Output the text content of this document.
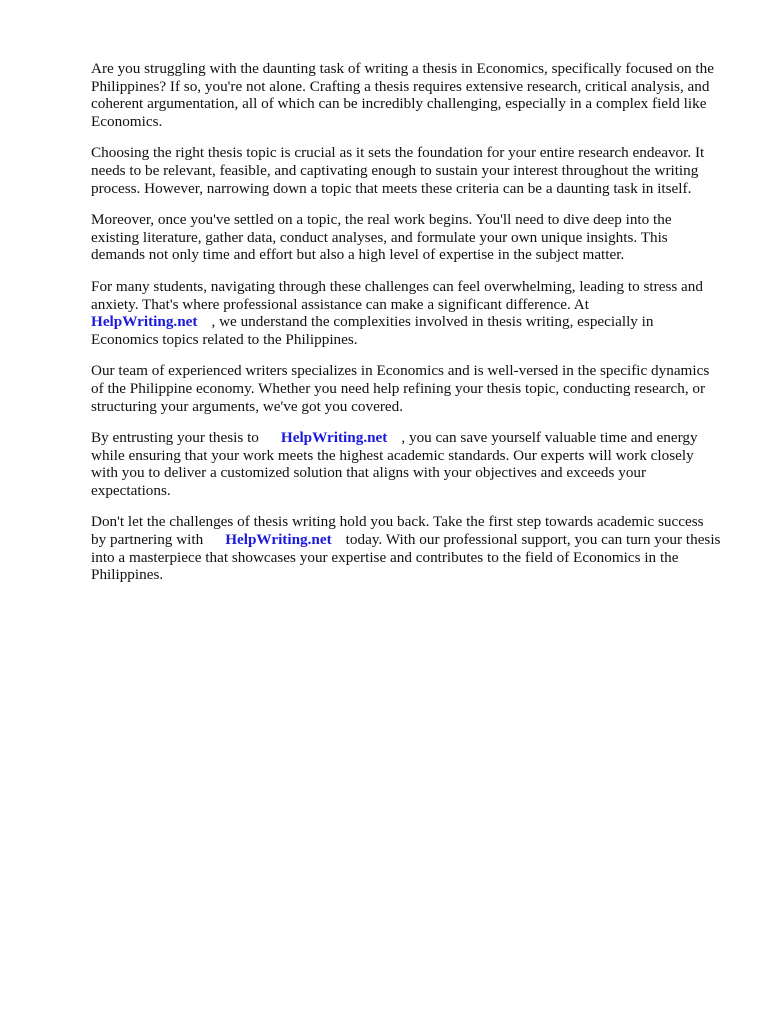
Are you struggling with the daunting task of writing a thesis in Economics, specifically focused on the Philippines? If so, you're not alone. Crafting a thesis requires extensive research, critical analysis, and coherent argumentation, all of which can be incredibly challenging, especially in a complex field like Economics.

Choosing the right thesis topic is crucial as it sets the foundation for your entire research endeavor. It needs to be relevant, feasible, and captivating enough to sustain your interest throughout the writing process. However, narrowing down a topic that meets these criteria can be a daunting task in itself.

Moreover, once you've settled on a topic, the real work begins. You'll need to dive deep into the existing literature, gather data, conduct analyses, and formulate your own unique insights. This demands not only time and effort but also a high level of expertise in the subject matter.

For many students, navigating through these challenges can feel overwhelming, leading to stress and anxiety. That's where professional assistance can make a significant difference. At
HelpWriting.net , we understand the complexities involved in thesis writing, especially in Economics topics related to the Philippines.

Our team of experienced writers specializes in Economics and is well-versed in the specific dynamics of the Philippine economy. Whether you need help refining your thesis topic, conducting research, or structuring your arguments, we've got you covered.

By entrusting your thesis to HelpWriting.net , you can save yourself valuable time and energy while ensuring that your work meets the highest academic standards. Our experts will work closely with you to deliver a customized solution that aligns with your objectives and exceeds your expectations.

Don't let the challenges of thesis writing hold you back. Take the first step towards academic success by partnering with HelpWriting.net today. With our professional support, you can turn your thesis into a masterpiece that showcases your expertise and contributes to the field of Economics in the Philippines.
